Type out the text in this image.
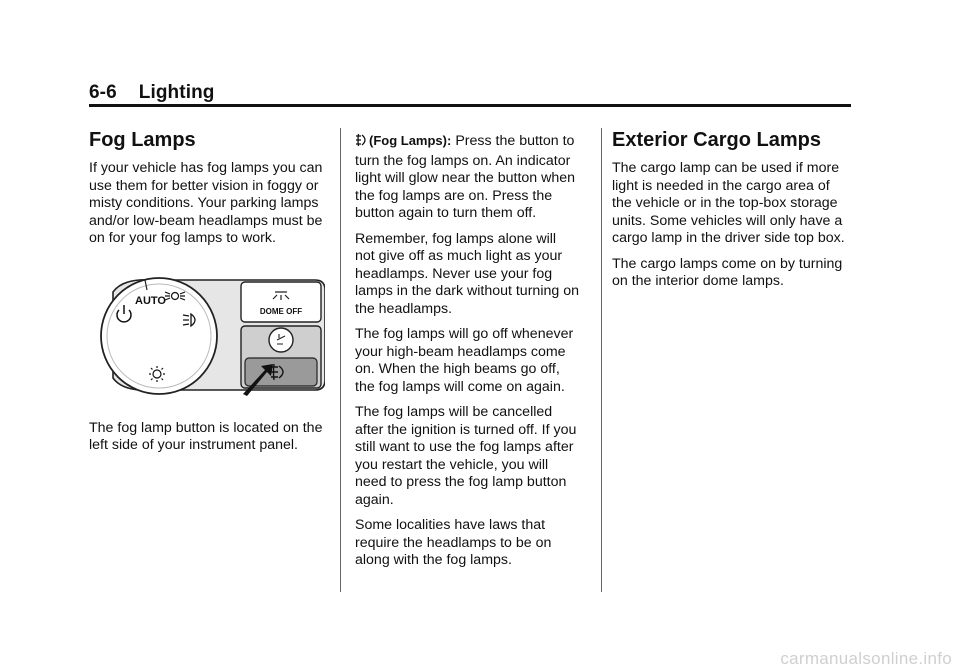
6-6 Lighting
Fog Lamps

If your vehicle has fog lamps you can use them for better vision in foggy or misty conditions. Your parking lamps and/or low-beam headlamps must be on for your fog lamps to work.

DOME OFF
AUTO

The fog lamp button is located on the left side of your instrument panel.

(Fog Lamps): Press the button to turn the fog lamps on. An indicator light will glow near the button when the fog lamps are on. Press the button again to turn them off.

Remember, fog lamps alone will not give off as much light as your headlamps. Never use your fog lamps in the dark without turning on the headlamps.

The fog lamps will go off whenever your high-beam headlamps come on. When the high beams go off, the fog lamps will come on again.

The fog lamps will be cancelled after the ignition is turned off. If you still want to use the fog lamps after you restart the vehicle, you will need to press the fog lamp button again.

Some localities have laws that require the headlamps to be on along with the fog lamps.

Exterior Cargo Lamps

The cargo lamp can be used if more light is needed in the cargo area of the vehicle or in the top-box storage units. Some vehicles will only have a cargo lamp in the driver side top box.

The cargo lamps come on by turning on the interior dome lamps.

carmanualsonline.info
